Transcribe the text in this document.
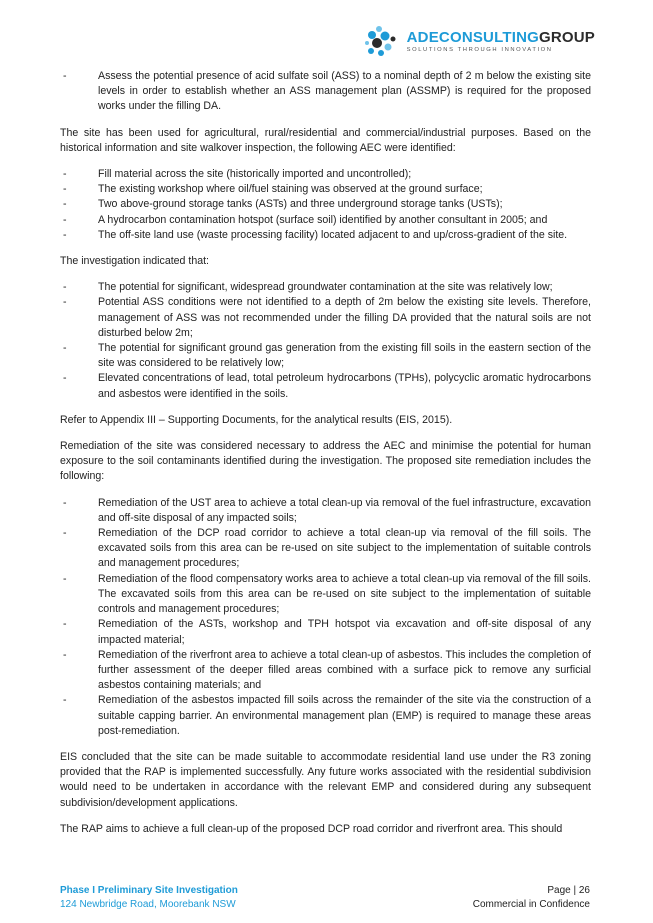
ADECONSULTINGGROUP
SOLUTIONS THROUGH INNOVATION
- Assess the potential presence of acid sulfate soil (ASS) to a nominal depth of 2 m below the existing site levels in order to establish whether an ASS management plan (ASSMP) is required for the proposed works under the filling DA.

The site has been used for agricultural, rural/residential and commercial/industrial purposes. Based on the historical information and site walkover inspection, the following AEC were identified:

- Fill material across the site (historically imported and uncontrolled);
- The existing workshop where oil/fuel staining was observed at the ground surface;
- Two above-ground storage tanks (ASTs) and three underground storage tanks (USTs);
- A hydrocarbon contamination hotspot (surface soil) identified by another consultant in 2005; and
- The off-site land use (waste processing facility) located adjacent to and up/cross-gradient of the site.

The investigation indicated that:

- The potential for significant, widespread groundwater contamination at the site was relatively low;
- Potential ASS conditions were not identified to a depth of 2m below the existing site levels. Therefore, management of ASS was not recommended under the filling DA provided that the natural soils are not disturbed below 2m;
- The potential for significant ground gas generation from the existing fill soils in the eastern section of the site was considered to be relatively low;
- Elevated concentrations of lead, total petroleum hydrocarbons (TPHs), polycyclic aromatic hydrocarbons and asbestos were identified in the soils.

Refer to Appendix III – Supporting Documents, for the analytical results (EIS, 2015).

Remediation of the site was considered necessary to address the AEC and minimise the potential for human exposure to the soil contaminants identified during the investigation. The proposed site remediation includes the following:

- Remediation of the UST area to achieve a total clean-up via removal of the fuel infrastructure, excavation and off-site disposal of any impacted soils;
- Remediation of the DCP road corridor to achieve a total clean-up via removal of the fill soils. The excavated soils from this area can be re-used on site subject to the implementation of suitable controls and management procedures;
- Remediation of the flood compensatory works area to achieve a total clean-up via removal of the fill soils. The excavated soils from this area can be re-used on site subject to the implementation of suitable controls and management procedures;
- Remediation of the ASTs, workshop and TPH hotspot via excavation and off-site disposal of any impacted material;
- Remediation of the riverfront area to achieve a total clean-up of asbestos. This includes the completion of further assessment of the deeper filled areas combined with a surface pick to remove any surficial asbestos containing materials; and
- Remediation of the asbestos impacted fill soils across the remainder of the site via the construction of a suitable capping barrier. An environmental management plan (EMP) is required to manage these areas post-remediation.

EIS concluded that the site can be made suitable to accommodate residential land use under the R3 zoning provided that the RAP is implemented successfully. Any future works associated with the residential subdivision would need to be undertaken in accordance with the relevant EMP and considered during any subsequent subdivision/development applications.

The RAP aims to achieve a full clean-up of the proposed DCP road corridor and riverfront area. This should

Phase I Preliminary Site Investigation
124 Newbridge Road, Moorebank NSW
Page | 26
Commercial in Confidence
